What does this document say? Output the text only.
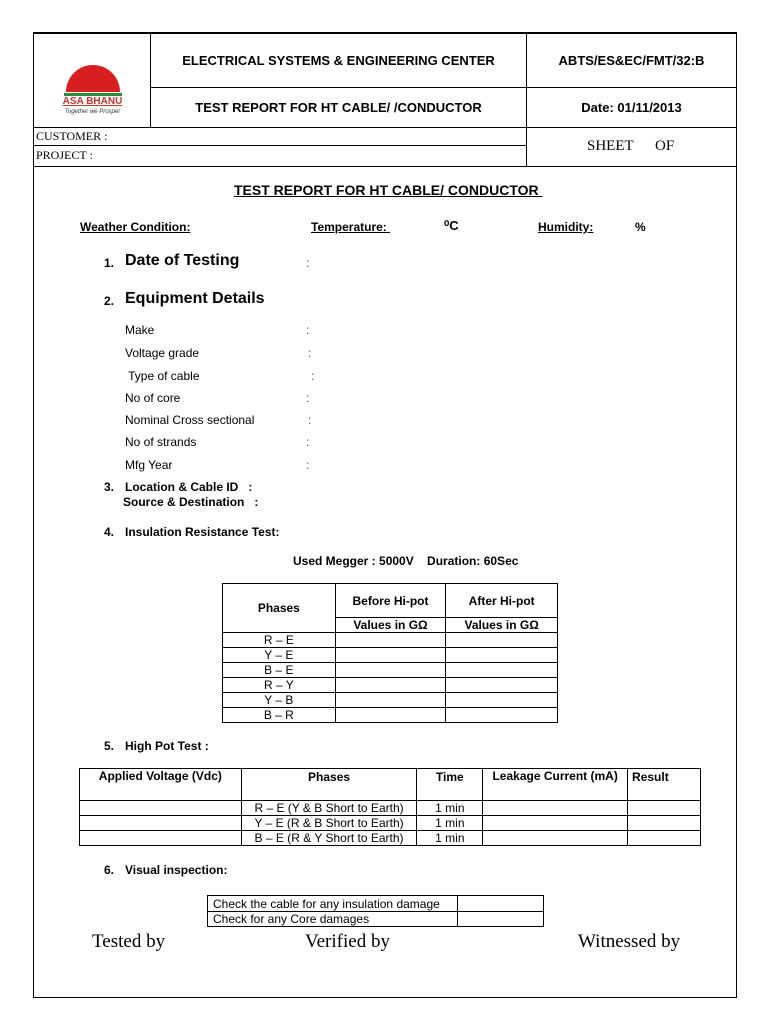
ASA BHANU
Together we Prosper
ELECTRICAL SYSTEMS & ENGINEERING CENTER	ABTS/ES&EC/FMT/32:B
TEST REPORT FOR HT CABLE/ /CONDUCTOR	Date: 01/11/2013
CUSTOMER :
PROJECT :
SHEET OF
TEST REPORT FOR HT CABLE/ CONDUCTOR
Weather Condition:	Temperature:	⁰C	Humidity:	%
1. Date of Testing	:
2. Equipment Details
Make	:
Voltage grade	:
Type of cable	:
No of core	:
Nominal Cross sectional	:
No of strands	:
Mfg Year	:
3. Location & Cable ID   :
Source & Destination   :
4. Insulation Resistance Test:
Used Megger : 5000V    Duration: 60Sec
Phases	Before Hi-pot	After Hi-pot
	Values in GΩ	Values in GΩ
R – E		
Y – E		
B – E		
R – Y		
Y – B		
B – R		
5. High Pot Test :
Applied Voltage (Vdc)	Phases	Time	Leakage Current (mA)	Result
	R – E (Y & B Short to Earth)	1 min		
	Y – E (R & B Short to Earth)	1 min		
	B – E (R & Y Short to Earth)	1 min		
6. Visual inspection:
Check the cable for any insulation damage	
Check for any Core damages	
Tested by	Verified by	Witnessed by
